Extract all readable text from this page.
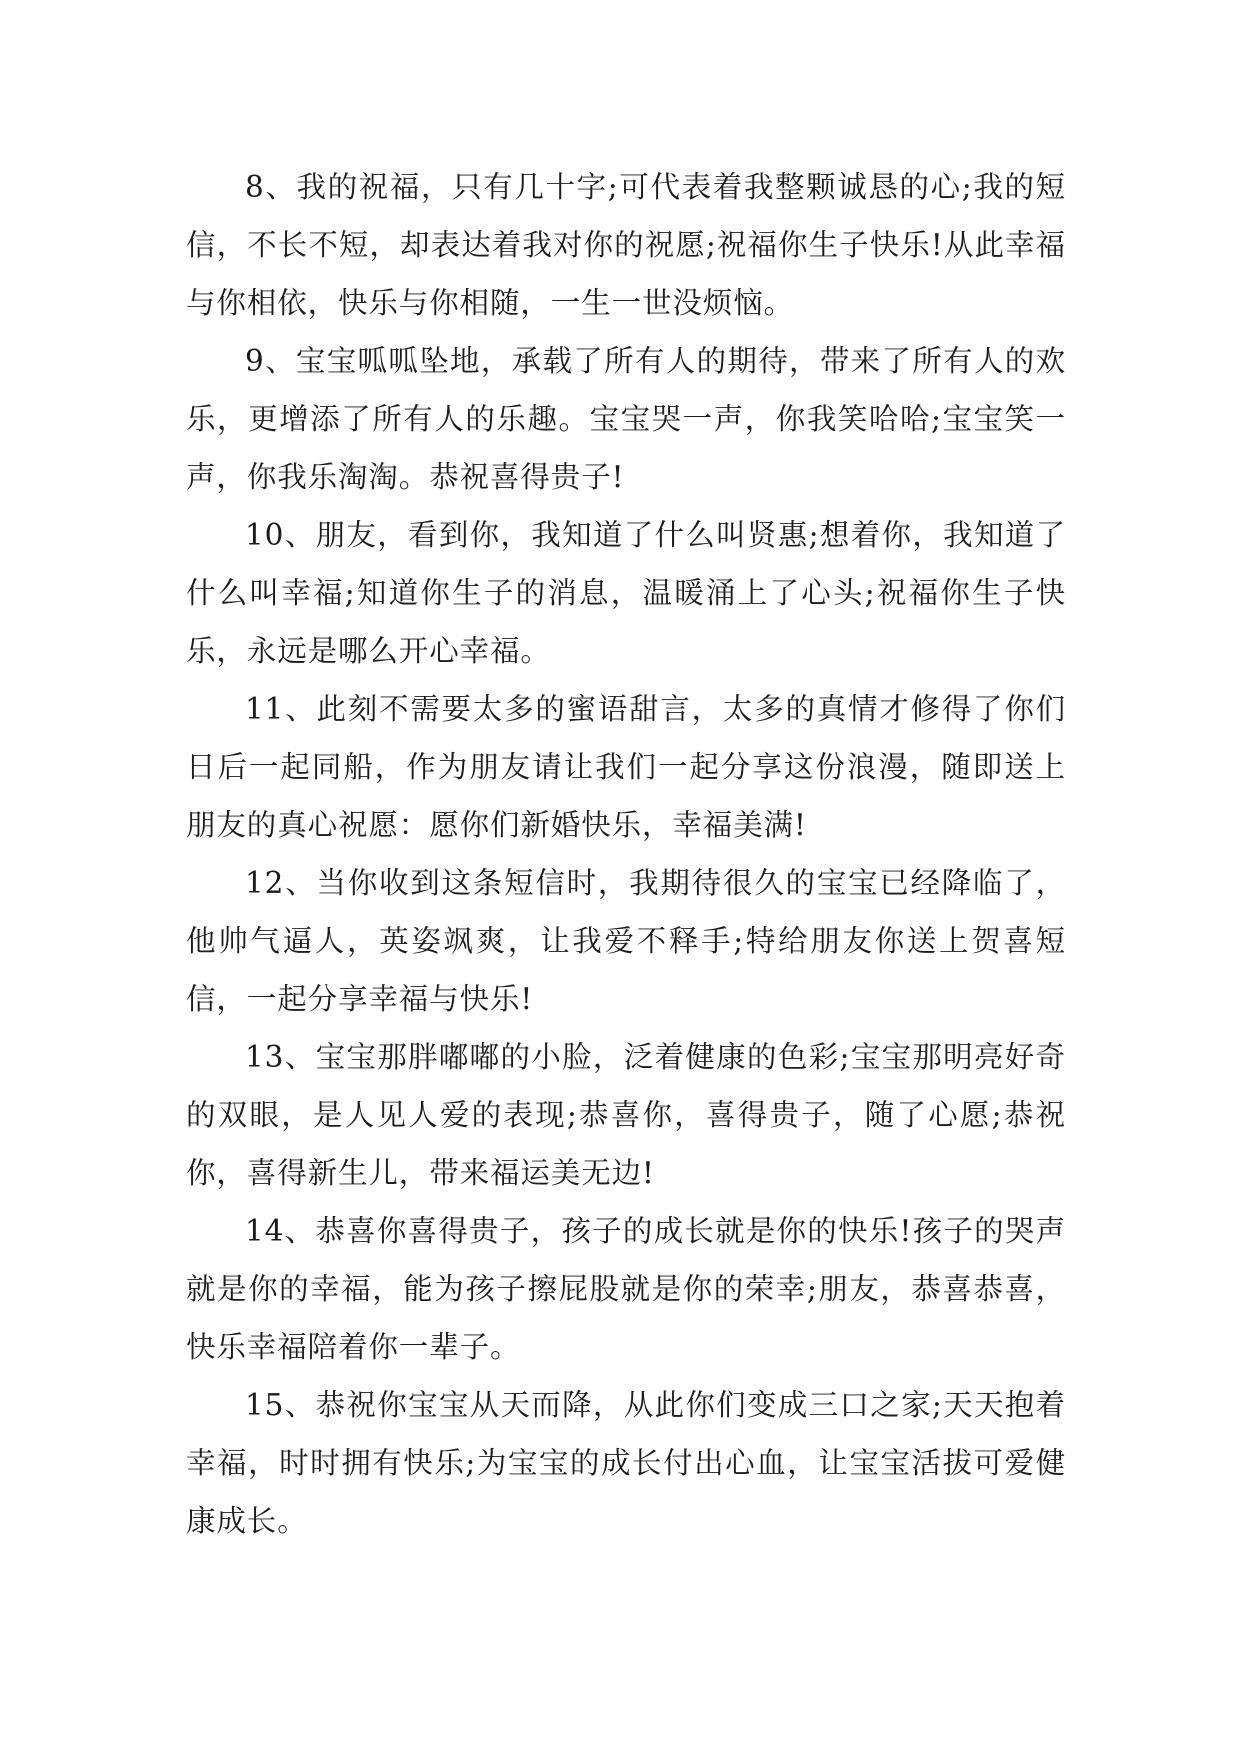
8、我的祝福，只有几十字;可代表着我整颗诚恳的心;我的短信，不长不短，却表达着我对你的祝愿;祝福你生子快乐!从此幸福与你相依，快乐与你相随，一生一世没烦恼。

9、宝宝呱呱坠地，承载了所有人的期待，带来了所有人的欢乐，更增添了所有人的乐趣。宝宝哭一声，你我笑哈哈;宝宝笑一声，你我乐淘淘。恭祝喜得贵子!

10、朋友，看到你，我知道了什么叫贤惠;想着你，我知道了什么叫幸福;知道你生子的消息，温暖涌上了心头;祝福你生子快乐，永远是哪么开心幸福。

11、此刻不需要太多的蜜语甜言，太多的真情才修得了你们日后一起同船，作为朋友请让我们一起分享这份浪漫，随即送上朋友的真心祝愿：愿你们新婚快乐，幸福美满!

12、当你收到这条短信时，我期待很久的宝宝已经降临了，他帅气逼人，英姿飒爽，让我爱不释手;特给朋友你送上贺喜短信，一起分享幸福与快乐!

13、宝宝那胖嘟嘟的小脸，泛着健康的色彩;宝宝那明亮好奇的双眼，是人见人爱的表现;恭喜你，喜得贵子，随了心愿;恭祝你，喜得新生儿，带来福运美无边!

14、恭喜你喜得贵子，孩子的成长就是你的快乐!孩子的哭声就是你的幸福，能为孩子擦屁股就是你的荣幸;朋友，恭喜恭喜，快乐幸福陪着你一辈子。

15、恭祝你宝宝从天而降，从此你们变成三口之家;天天抱着幸福，时时拥有快乐;为宝宝的成长付出心血，让宝宝活拔可爱健康成长。
